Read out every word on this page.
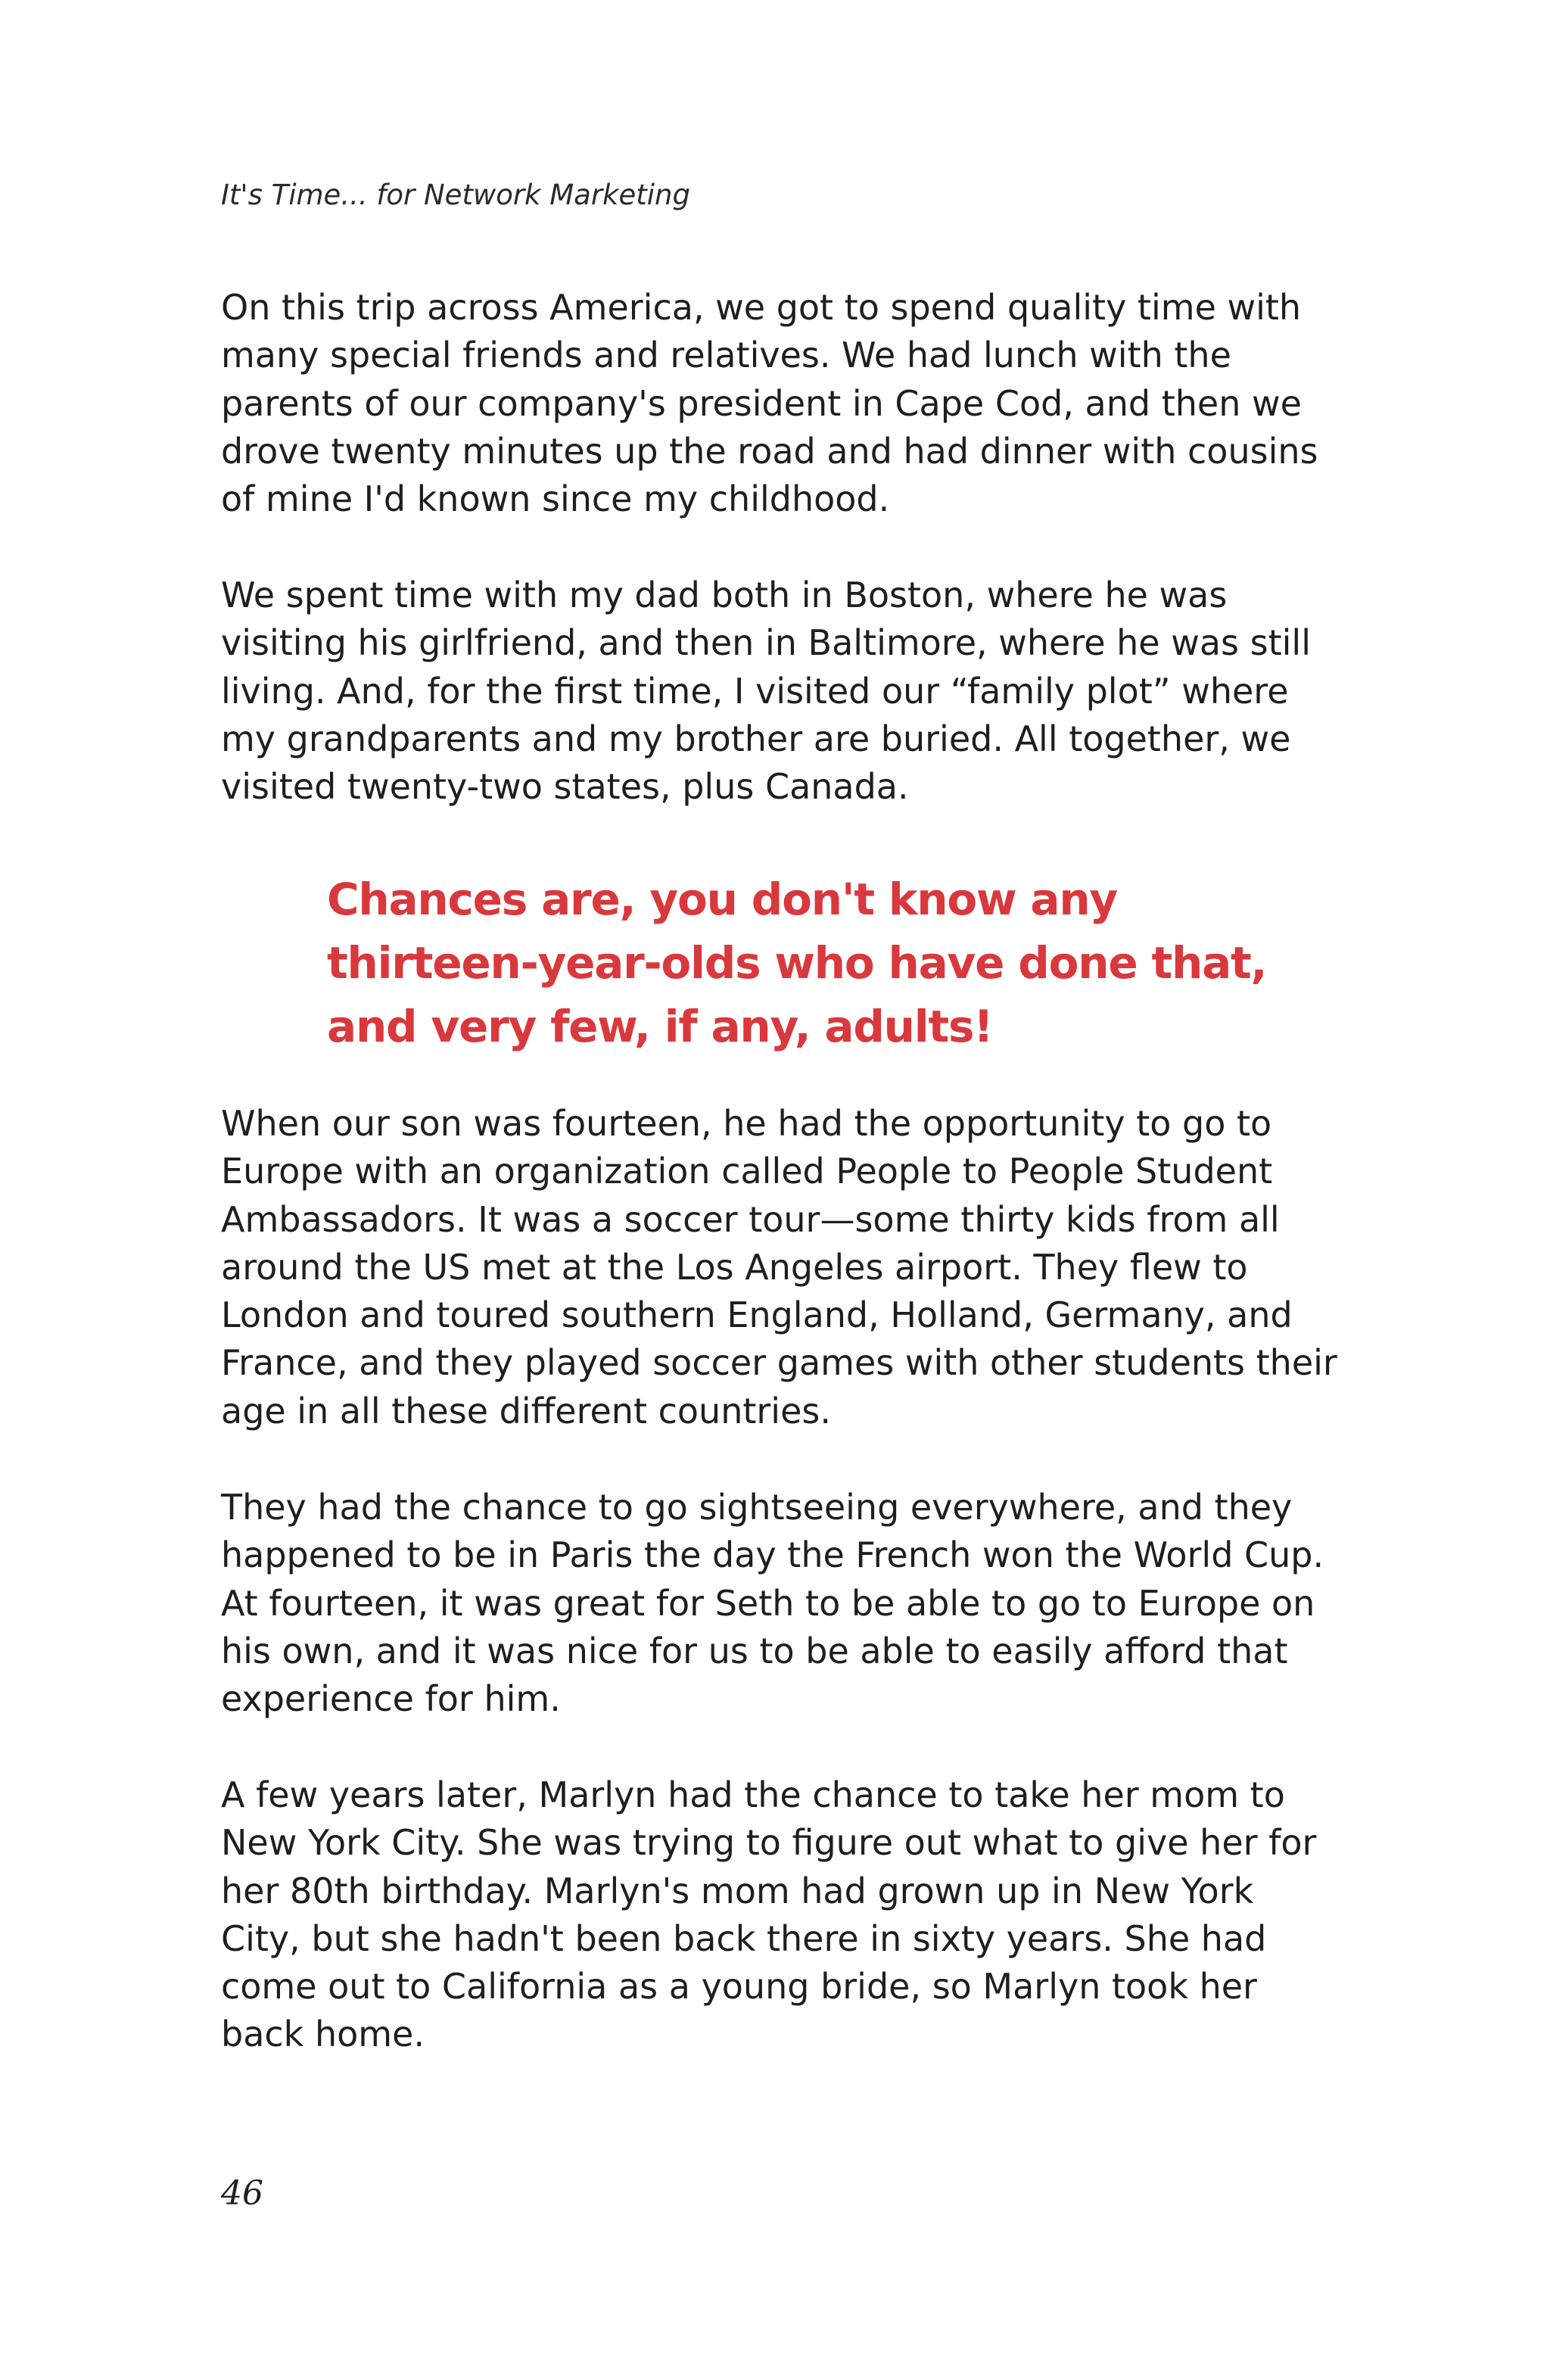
It's Time... for Network Marketing
On this trip across America, we got to spend quality time with
many special friends and relatives. We had lunch with the
parents of our company's president in Cape Cod, and then we
drove twenty minutes up the road and had dinner with cousins
of mine I'd known since my childhood.
We spent time with my dad both in Boston, where he was
visiting his girlfriend, and then in Baltimore, where he was still
living. And, for the first time, I visited our “family plot” where
my grandparents and my brother are buried. All together, we
visited twenty-two states, plus Canada.
Chances are, you don't know any
thirteen-year-olds who have done that,
and very few, if any, adults!
When our son was fourteen, he had the opportunity to go to
Europe with an organization called People to People Student
Ambassadors. It was a soccer tour—some thirty kids from all
around the US met at the Los Angeles airport. They flew to
London and toured southern England, Holland, Germany, and
France, and they played soccer games with other students their
age in all these different countries.
They had the chance to go sightseeing everywhere, and they
happened to be in Paris the day the French won the World Cup.
At fourteen, it was great for Seth to be able to go to Europe on
his own, and it was nice for us to be able to easily afford that
experience for him.
A few years later, Marlyn had the chance to take her mom to
New York City. She was trying to figure out what to give her for
her 80th birthday. Marlyn's mom had grown up in New York
City, but she hadn't been back there in sixty years. She had
come out to California as a young bride, so Marlyn took her
back home.
46
